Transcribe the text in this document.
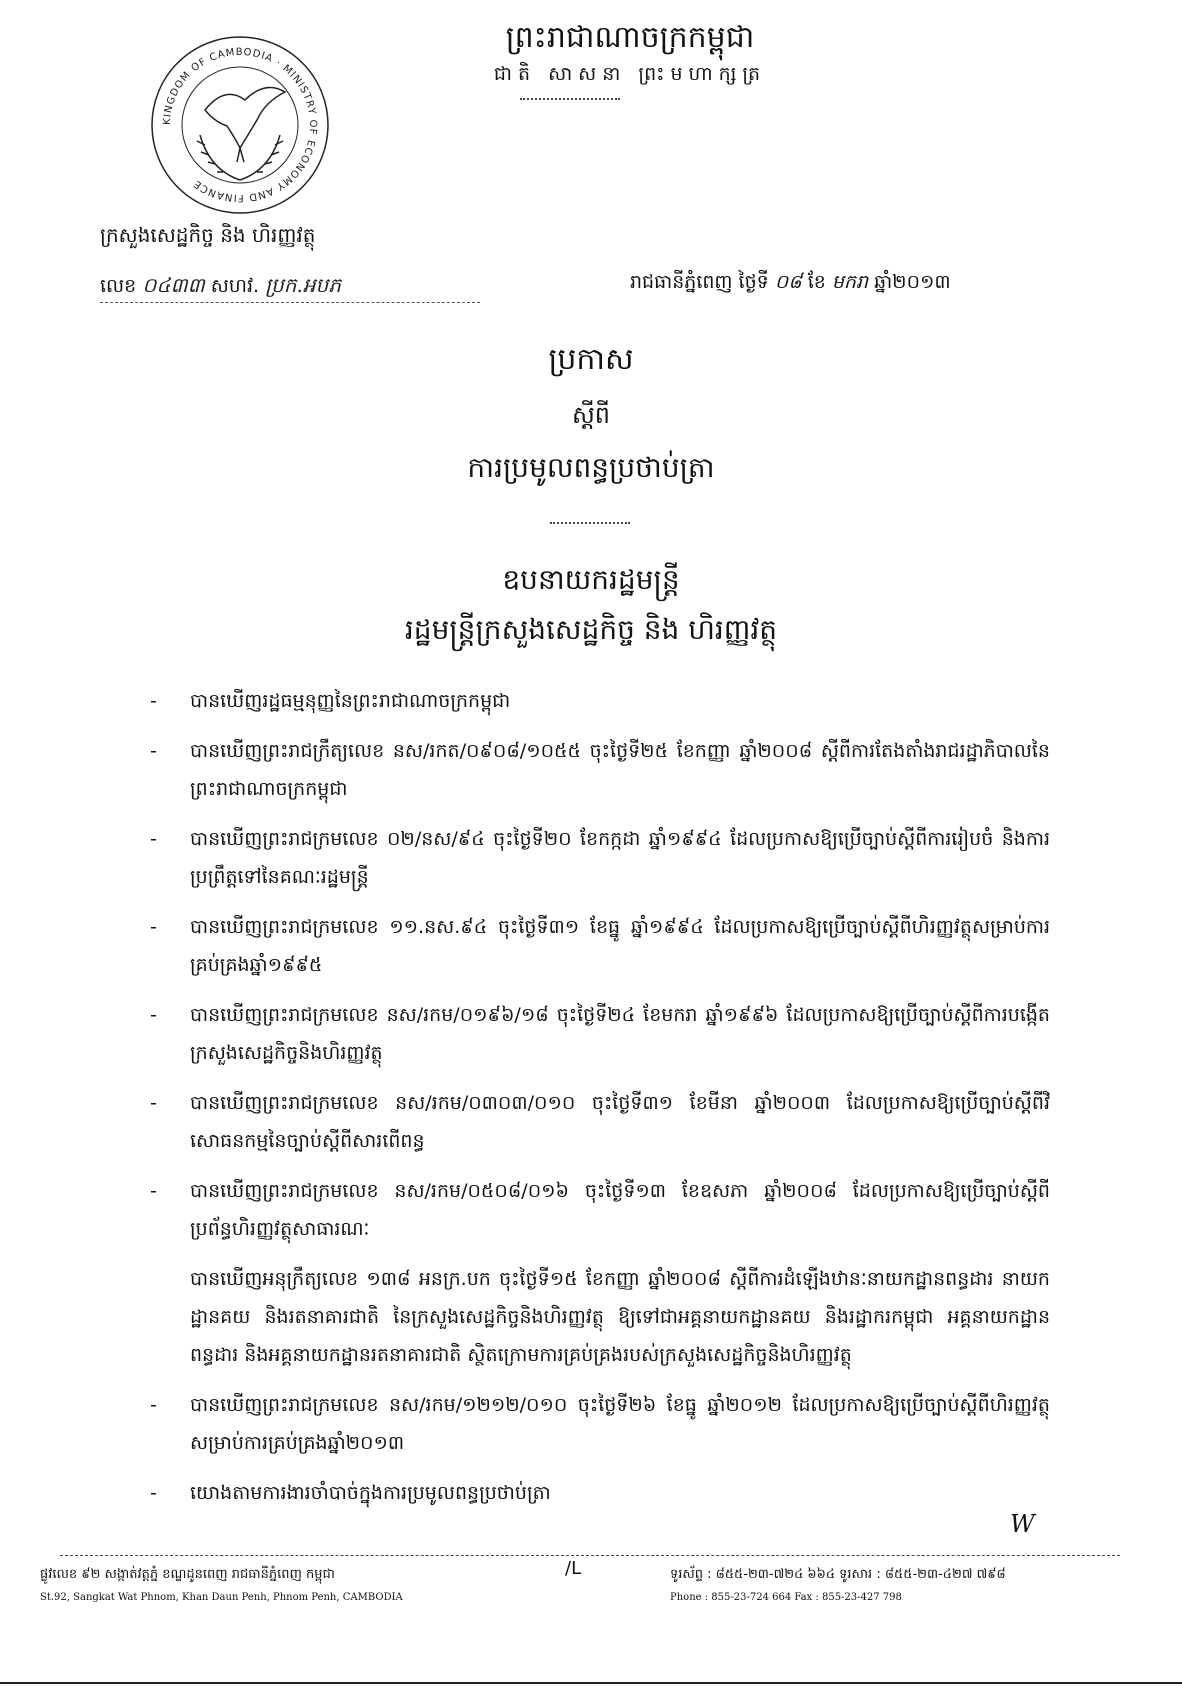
ព្រះរាជាណាចក្រកម្ពុជា
ជាតិ សាសនា ព្រះមហាក្សត្រ
KINGDOM OF CAMBODIA · MINISTRY OF ECONOMY AND FINANCE
ក្រសួងសេដ្ឋកិច្ច និង ហិរញ្ញវត្ថុ
លេខ ០៤៣៣ សហវ. ប្រក.អបភ	រាជធានីភ្នំពេញ ថ្ងៃទី ០៨ ខែ មករា ឆ្នាំ២០១៣
ប្រកាស
ស្តីពី
ការប្រមូលពន្ធប្រថាប់ត្រា
ឧបនាយករដ្ឋមន្ត្រី
រដ្ឋមន្ត្រីក្រសួងសេដ្ឋកិច្ច និង ហិរញ្ញវត្ថុ
- បានឃើញរដ្ឋធម្មនុញ្ញនៃព្រះរាជាណាចក្រកម្ពុជា
- បានឃើញព្រះរាជក្រឹត្យលេខ នស/រកត/០៩០៨/១០៥៥ ចុះថ្ងៃទី២៥ ខែកញ្ញា ឆ្នាំ២០០៨ ស្តីពីការតែងតាំងរាជរដ្ឋាភិបាលនៃព្រះរាជាណាចក្រកម្ពុជា
- បានឃើញព្រះរាជក្រមលេខ ០២/នស/៩៤ ចុះថ្ងៃទី២០ ខែកក្កដា ឆ្នាំ១៩៩៤ ដែលប្រកាសឱ្យប្រើច្បាប់ស្តីពីការរៀបចំ និងការប្រព្រឹត្តទៅនៃគណៈរដ្ឋមន្ត្រី
- បានឃើញព្រះរាជក្រមលេខ ១១.នស.៩៤ ចុះថ្ងៃទី៣១ ខែធ្នូ ឆ្នាំ១៩៩៤ ដែលប្រកាសឱ្យប្រើច្បាប់ស្តីពីហិរញ្ញវត្ថុសម្រាប់ការគ្រប់គ្រងឆ្នាំ១៩៩៥
- បានឃើញព្រះរាជក្រមលេខ នស/រកម/០១៩៦/១៨ ចុះថ្ងៃទី២៤ ខែមករា ឆ្នាំ១៩៩៦ ដែលប្រកាសឱ្យប្រើច្បាប់ស្តីពីការបង្កើតក្រសួងសេដ្ឋកិច្ចនិងហិរញ្ញវត្ថុ
- បានឃើញព្រះរាជក្រមលេខ នស/រកម/០៣០៣/០១០ ចុះថ្ងៃទី៣១ ខែមីនា ឆ្នាំ២០០៣ ដែលប្រកាសឱ្យប្រើច្បាប់ស្តីពីវិសោធនកម្មនៃច្បាប់ស្តីពីសារពើពន្ធ
- បានឃើញព្រះរាជក្រមលេខ នស/រកម/០៥០៨/០១៦ ចុះថ្ងៃទី១៣ ខែឧសភា ឆ្នាំ២០០៨ ដែលប្រកាសឱ្យប្រើច្បាប់ស្តីពីប្រព័ន្ធហិរញ្ញវត្ថុសាធារណៈ
បានឃើញអនុក្រឹត្យលេខ ១៣៨ អនក្រ.បក ចុះថ្ងៃទី១៥ ខែកញ្ញា ឆ្នាំ២០០៨ ស្តីពីការដំឡើងឋានៈនាយកដ្ឋានពន្ធដារ នាយកដ្ឋានគយ និងរតនាគារជាតិ នៃក្រសួងសេដ្ឋកិច្ចនិងហិរញ្ញវត្ថុ ឱ្យទៅជាអគ្គនាយកដ្ឋានគយ និងរដ្ឋាករកម្ពុជា អគ្គនាយកដ្ឋានពន្ធដារ និងអគ្គនាយកដ្ឋានរតនាគារជាតិ ស្ថិតក្រោមការគ្រប់គ្រងរបស់ក្រសួងសេដ្ឋកិច្ចនិងហិរញ្ញវត្ថុ
- បានឃើញព្រះរាជក្រមលេខ នស/រកម/១២១២/០១០ ចុះថ្ងៃទី២៦ ខែធ្នូ ឆ្នាំ២០១២ ដែលប្រកាសឱ្យប្រើច្បាប់ស្តីពីហិរញ្ញវត្ថុសម្រាប់ការគ្រប់គ្រងឆ្នាំ២០១៣
- យោងតាមការងារចាំបាច់ក្នុងការប្រមូលពន្ធប្រថាប់ត្រា
W
/L
ផ្លូវលេខ ៩២ សង្កាត់វត្តភ្នំ ខណ្ឌដូនពេញ រាជធានីភ្នំពេញ កម្ពុជា
St.92, Sangkat Wat Phnom, Khan Daun Penh, Phnom Penh, CAMBODIA
ទូរស័ព្ទ : ៨៥៥-២៣-៧២៤ ៦៦៤ ទូរសារ : ៨៥៥-២៣-៤២៧ ៧៩៨
Phone : 855-23-724 664 Fax : 855-23-427 798
